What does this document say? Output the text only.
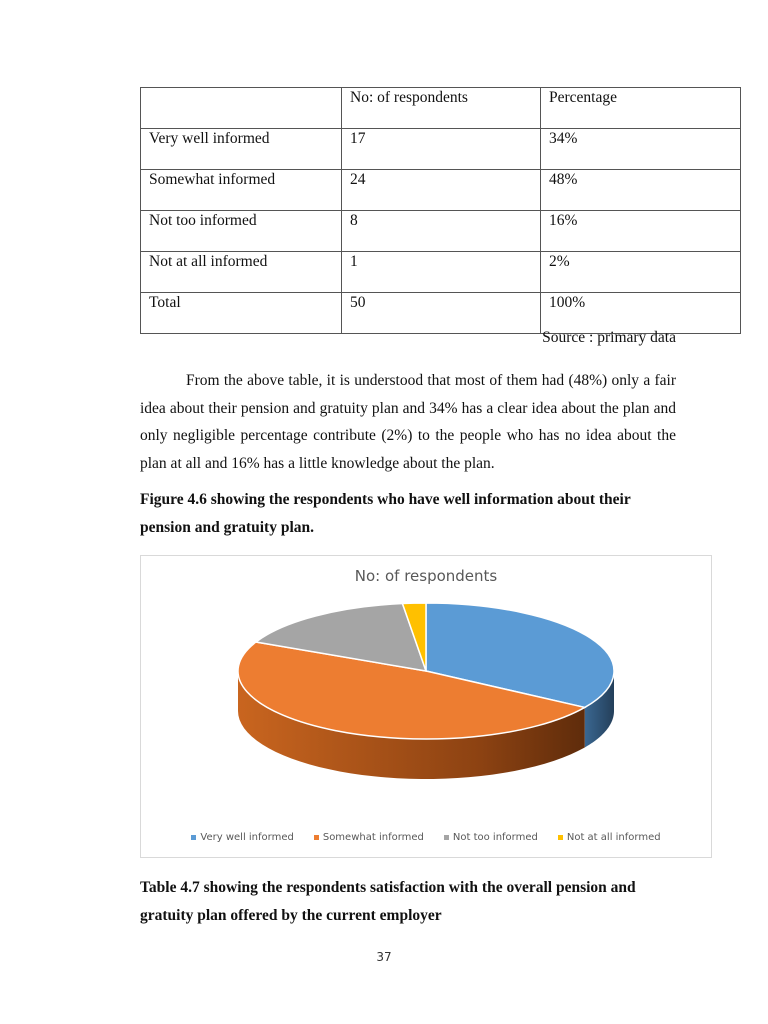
	No: of respondents	Percentage
Very well informed	17	34%
Somewhat informed	24	48%
Not too informed	8	16%
Not at all informed	1	2%
Total	50	100%
Source : primary data

From the above table, it is understood that most of them had (48%) only a fair idea about their pension and gratuity plan and 34% has a clear idea about the plan and only negligible percentage contribute (2%) to the people who has no idea about the plan at all and 16% has a little knowledge about the plan.

Figure 4.6 showing the respondents who have well information about their pension and gratuity plan.

No: of respondents
Very well informed	Somewhat informed	Not too informed	Not at all informed

Table 4.7 showing the respondents satisfaction with the overall pension and gratuity plan offered by the current employer

37
